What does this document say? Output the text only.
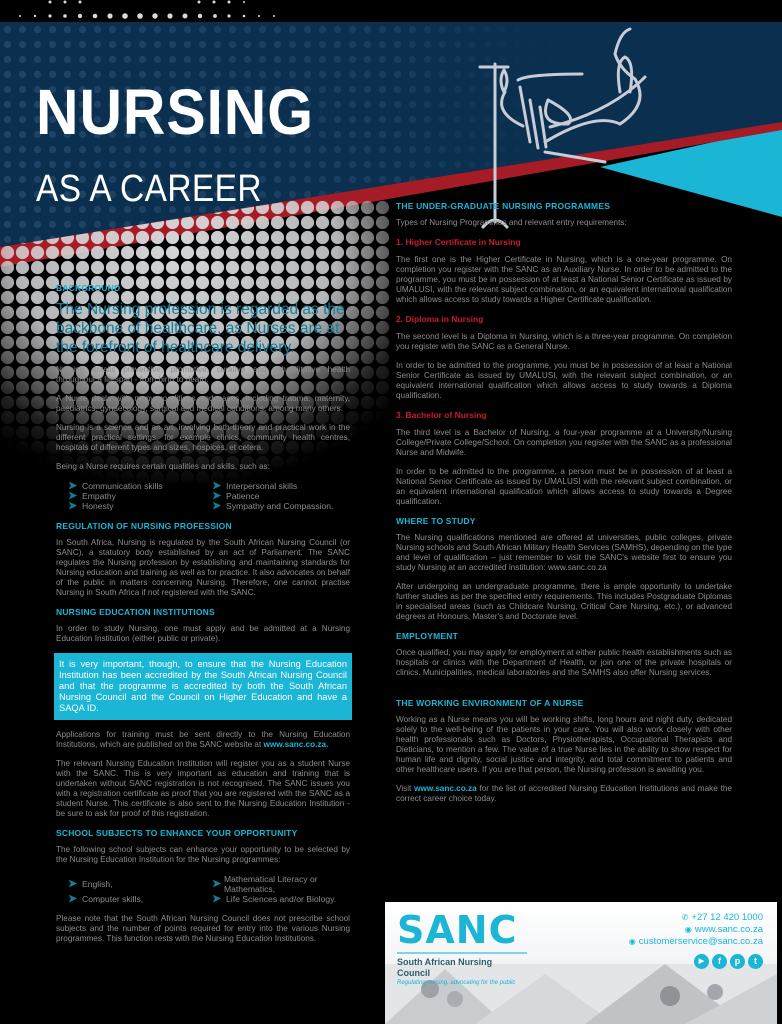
NURSING
AS A CAREER
BACKGROUND
The Nursing profession is regarded as the backbone of healthcare, as Nurses are at the forefront of healthcare delivery.

Nursing entails preventive, promotive, curative and rehabilitative health throughout a lifespan - from birth to death.

A Nurse deals with many conditions and cases, including trauma, maternity, paediatrics, gynaecology, surgical and medical conditions, among many others.

Nursing is a science and an art, involving both theory and practical work in the different practical settings, for example clinics, community health centres, hospitals of different types and sizes, hospices, et cetera.

Being a Nurse requires certain qualities and skills, such as:

➤ Communication skills	➤ Interpersonal skills
➤ Empathy	➤ Patience
➤ Honesty	➤ Sympathy and Compassion.
REGULATION OF NURSING PROFESSION

In South Africa, Nursing is regulated by the South African Nursing Council (or SANC), a statutory body established by an act of Parliament. The SANC regulates the Nursing profession by establishing and maintaining standards for Nursing education and training as well as for practice. It also advocates on behalf of the public in matters concerning Nursing. Therefore, one cannot practise Nursing in South Africa if not registered with the SANC.

NURSING EDUCATION INSTITUTIONS

In order to study Nursing, one must apply and be admitted at a Nursing Education Institution (either public or private).

It is very important, though, to ensure that the Nursing Education Institution has been accredited by the South African Nursing Council and that the programme is accredited by both the South African Nursing Council and the Council on Higher Education and have a SAQA ID.

Applications for training must be sent directly to the Nursing Education Institutions, which are published on the SANC website at www.sanc.co.za.

The relevant Nursing Education Institution will register you as a student Nurse with the SANC. This is very important as education and training that is undertaken without SANC registration is not recognised. The SANC issues you with a registration certificate as proof that you are registered with the SANC as a student Nurse. This certificate is also sent to the Nursing Education Institution - be sure to ask for proof of this registration.

SCHOOL SUBJECTS TO ENHANCE YOUR OPPORTUNITY

The following school subjects can enhance your opportunity to be selected by the Nursing Education Institution for the Nursing programmes:

➤ English,	➤ Mathematical Literacy or Mathematics,
➤ Computer skills,	➤ Life Sciences and/or Biology.

Please note that the South African Nursing Council does not prescribe school subjects and the number of points required for entry into the various Nursing programmes. This function rests with the Nursing Education Institutions.

THE UNDER-GRADUATE NURSING PROGRAMMES

Types of Nursing Programmes and relevant entry requirements:

1. Higher Certificate in Nursing

The first one is the Higher Certificate in Nursing, which is a one-year programme. On completion you register with the SANC as an Auxiliary Nurse. In order to be admitted to the programme, you must be in possession of at least a National Senior Certificate as issued by UMALUSI, with the relevant subject combination, or an equivalent international qualification which allows access to study towards a Higher Certificate qualification.

2. Diploma in Nursing

The second level is a Diploma in Nursing, which is a three-year programme. On completion you register with the SANC as a General Nurse.

In order to be admitted to the programme, you must be in possession of at least a National Senior Certificate as issued by UMALUSI, with the relevant subject combination, or an equivalent international qualification which allows access to study towards a Diploma qualification.

3. Bachelor of Nursing

The third level is a Bachelor of Nursing, a four-year programme at a University/Nursing College/Private College/School. On completion you register with the SANC as a professional Nurse and Midwife.

In order to be admitted to the programme, a person must be in possession of at least a National Senior Certificate as issued by UMALUSI with the relevant subject combination, or an equivalent international qualification which allows access to study towards a Degree qualification.

WHERE TO STUDY

The Nursing qualifications mentioned are offered at universities, public colleges, private Nursing schools and South African Military Health Services (SAMHS), depending on the type and level of qualification – just remember to visit the SANC's website first to ensure you study Nursing at an accredited institution: www.sanc.co.za

After undergoing an undergraduate programme, there is ample opportunity to undertake further studies as per the specified entry requirements. This includes Postgraduate Diplomas in specialised areas (such as Childcare Nursing, Critical Care Nursing, etc.), or advanced degrees at Honours, Master's and Doctorate level.

EMPLOYMENT

Once qualified, you may apply for employment at either public health establishments such as hospitals or clinics with the Department of Health, or join one of the private hospitals or clinics. Municipalities, medical laboratories and the SAMHS also offer Nursing services.

THE WORKING ENVIRONMENT OF A NURSE

Working as a Nurse means you will be working shifts, long hours and night duty, dedicated solely to the well-being of the patients in your care. You will also work closely with other health professionals such as Doctors, Physiotherapists, Occupational Therapists and Dieticians, to mention a few. The value of a true Nurse lies in the ability to show respect for human life and dignity, social justice and integrity, and total commitment to patients and other healthcare users. If you are that person, the Nursing profession is awaiting you.

Visit www.sanc.co.za for the list of accredited Nursing Education Institutions and make the correct career choice today.

SANC
South African Nursing Council
Regulating nursing, advocating for the public
✆ +27 12 420 1000
◉ www.sanc.co.za
◉ customerservice@sanc.co.za
▶	f	p	t
